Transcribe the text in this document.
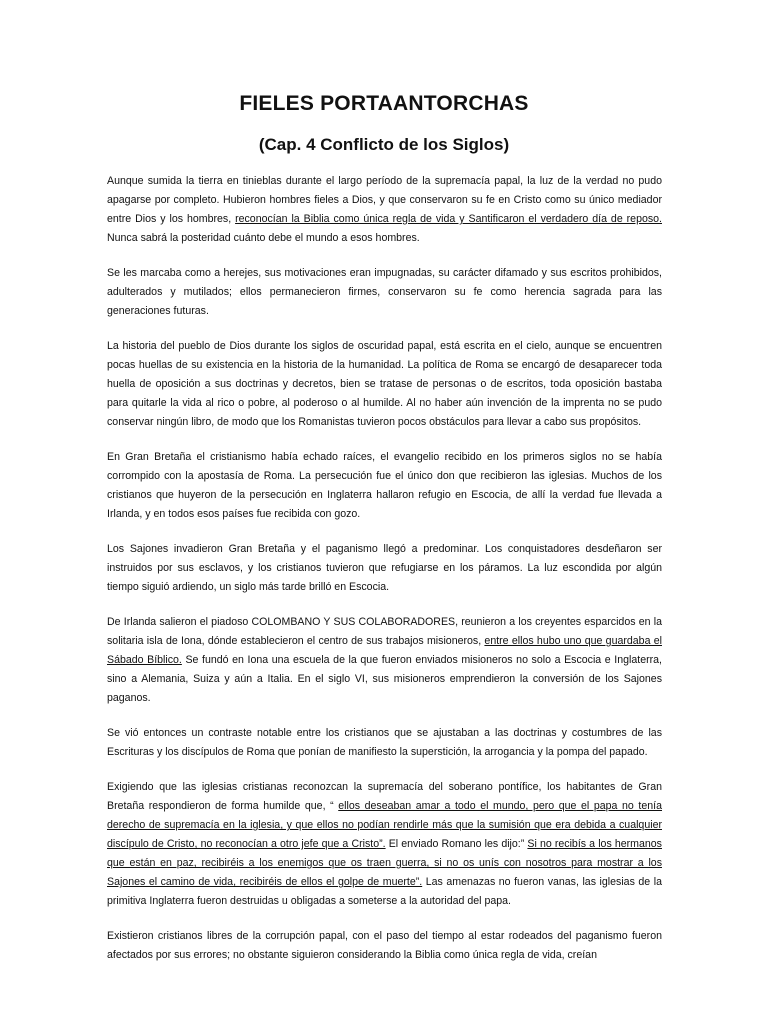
FIELES PORTAANTORCHAS
(Cap. 4 Conflicto de los Siglos)

Aunque sumida la tierra en tinieblas durante el largo período de la supremacía papal, la luz de la verdad no pudo apagarse por completo. Hubieron hombres fieles a Dios, y que conservaron su fe en Cristo como su único mediador entre Dios y los hombres, reconocían la Biblia como única regla de vida y Santificaron el verdadero día de reposo. Nunca sabrá la posteridad cuánto debe el mundo a esos hombres.

Se les marcaba como a herejes, sus motivaciones eran impugnadas, su carácter difamado y sus escritos prohibidos, adulterados y mutilados; ellos permanecieron firmes, conservaron su fe como herencia sagrada para las generaciones futuras.

La historia del pueblo de Dios durante los siglos de oscuridad papal, está escrita en el cielo, aunque se encuentren pocas huellas de su existencia en la historia de la humanidad. La política de Roma se encargó de desaparecer toda huella de oposición a sus doctrinas y decretos, bien se tratase de personas o de escritos, toda oposición bastaba para quitarle la vida al rico o pobre, al poderoso o al humilde. Al no haber aún invención de la imprenta no se pudo conservar ningún libro, de modo que los Romanistas tuvieron pocos obstáculos para llevar a cabo sus propósitos.

En Gran Bretaña el cristianismo había echado raíces, el evangelio recibido en los primeros siglos no se había corrompido con la apostasía de Roma. La persecución fue el único don que recibieron las iglesias. Muchos de los cristianos que huyeron de la persecución en Inglaterra hallaron refugio en Escocia, de allí la verdad fue llevada a Irlanda, y en todos esos países fue recibida con gozo.

Los Sajones invadieron Gran Bretaña y el paganismo llegó a predominar. Los conquistadores desdeñaron ser instruidos por sus esclavos, y los cristianos tuvieron que refugiarse en los páramos. La luz escondida por algún tiempo siguió ardiendo, un siglo más tarde brilló en Escocia.

De Irlanda salieron el piadoso COLOMBANO Y SUS COLABORADORES, reunieron a los creyentes esparcidos en la solitaria isla de Iona, dónde establecieron el centro de sus trabajos misioneros, entre ellos hubo uno que guardaba el Sábado Bíblico. Se fundó en Iona una escuela de la que fueron enviados misioneros no solo a Escocia e Inglaterra, sino a Alemania, Suiza y aún a Italia. En el siglo VI, sus misioneros emprendieron la conversión de los Sajones paganos.

Se vió entonces un contraste notable entre los cristianos que se ajustaban a las doctrinas y costumbres de las Escrituras y los discípulos de Roma que ponían de manifiesto la superstición, la arrogancia y la pompa del papado.

Exigiendo que las iglesias cristianas reconozcan la supremacía del soberano pontífice, los habitantes de Gran Bretaña respondieron de forma humilde que, “ ellos deseaban amar a todo el mundo, pero que el papa no tenía derecho de supremacía en la iglesia, y que ellos no podían rendirle más que la sumisión que era debida a cualquier discípulo de Cristo, no reconocían a otro jefe que a Cristo”. El enviado Romano les dijo:” Si no recibís a los hermanos que están en paz, recibiréis a los enemigos que os traen guerra, si no os unís con nosotros para mostrar a los Sajones el camino de vida, recibiréis de ellos el golpe de muerte”. Las amenazas no fueron vanas, las iglesias de la primitiva Inglaterra fueron destruidas u obligadas a someterse a la autoridad del papa.

Existieron cristianos libres de la corrupción papal, con el paso del tiempo al estar rodeados del paganismo fueron afectados por sus errores; no obstante siguieron considerando la Biblia como única regla de vida, creían
